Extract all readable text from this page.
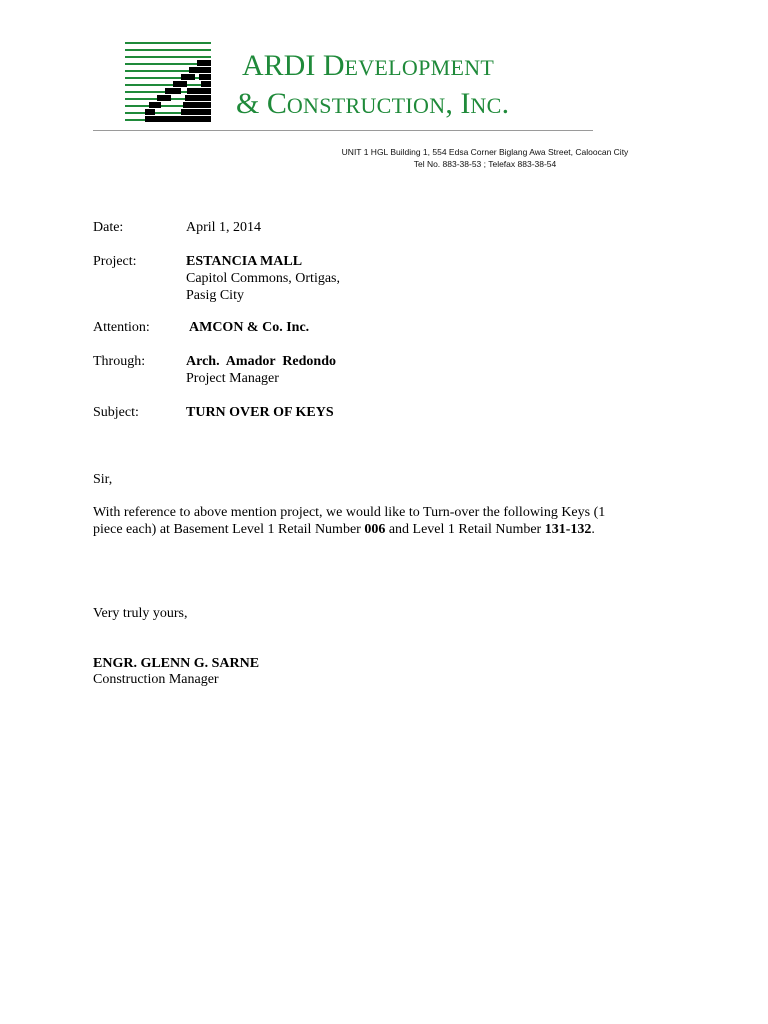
ARDI DEVELOPMENT
& CONSTRUCTION, INC.
UNIT 1 HGL Building 1, 554 Edsa Corner Biglang Awa Street, Caloocan City
Tel No. 883-38-53 ; Telefax 883-38-54
Date:	April 1, 2014
Project:	ESTANCIA MALL
Capitol Commons, Ortigas,
Pasig City
Attention:	AMCON & Co. Inc.
Through:	Arch.  Amador  Redondo
Project Manager
Subject:	TURN OVER OF KEYS
Sir,
With reference to above mention project, we would like to Turn-over the following Keys (1
piece each) at Basement Level 1 Retail Number 006 and Level 1 Retail Number 131-132.
Very truly yours,
ENGR. GLENN G. SARNE
Construction Manager
